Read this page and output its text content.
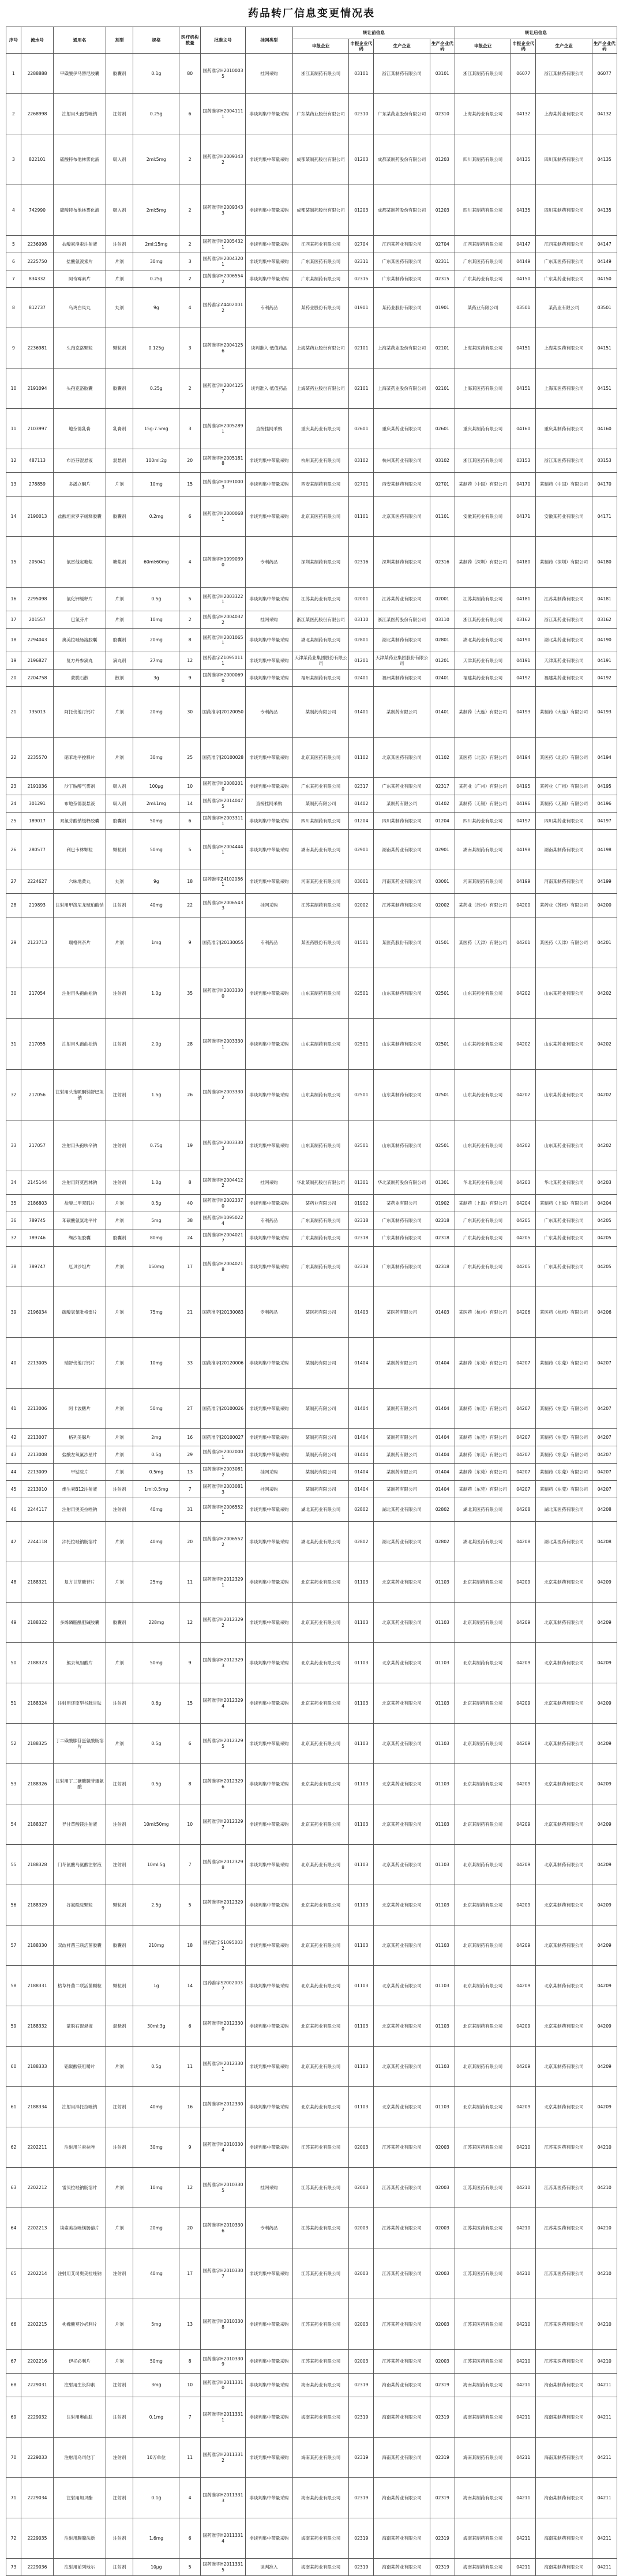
药品转厂信息变更情况表
序号	流水号	通用名	剂型	规格	医疗机构数量	批准文号	挂网类型	转让前信息				转让后信息			
								申报企业	申报企业代码	生产企业	生产企业代码	申报企业	申报企业代码	生产企业	生产企业代码
1	2288888	甲磺酸伊马替尼胶囊	胶囊剂	0.1g	80	国药准字H20100035	挂网采购	浙江某制药有限公司	03101	浙江某制药有限公司	03101	浙江某制药有限公司	06077	浙江某制药有限公司	06077
2	2268998	注射用头孢替唑钠	注射剂	0.25g	6	国药准字H20041111	非谈判集中带量采购	广东某药业股份有限公司	02310	广东某药业股份有限公司	02310	上海某药业有限公司	04132	上海某药业有限公司	04132
3	822101	硫酸特布他林雾化液	吸入剂	2ml:5mg	2	国药准字H20093432	非谈判集中带量采购	成都某制药股份有限公司	01203	成都某制药股份有限公司	01203	四川某制药有限公司	04135	四川某制药有限公司	04135
4	742990	硫酸特布他林雾化液	吸入剂	2ml:5mg	2	国药准字H20093433	非谈判集中带量采购	成都某制药股份有限公司	01203	成都某制药股份有限公司	01203	四川某制药有限公司	04135	四川某制药有限公司	04135
5	2236098	盐酸氨溴索注射液	注射剂	2ml:15mg	2	国药准字H20054321	非谈判集中带量采购	江西某药业有限公司	02704	江西某药业有限公司	02704	江西某制药有限公司	04147	江西某制药有限公司	04147
6	2225750	盐酸氨溴索片	片剂	30mg	3	国药准字H20043201	非谈判集中带量采购	广东某医药有限公司	02311	广东某医药有限公司	02311	广东某医药有限公司	04149	广东某医药有限公司	04149
7	834332	阿奇霉素片	片剂	0.25g	2	国药准字H20065542	非谈判集中带量采购	广东某制药有限公司	02315	广东某制药有限公司	02315	广东某药业有限公司	04150	广东某药业有限公司	04150
8	812737	乌鸡白凤丸	丸剂	9g	4	国药准字Z44020012	专利药品	某药业股份有限公司	01901	某药业股份有限公司	01901	某药业有限公司	03501	某药业有限公司	03501
9	2236981	头孢克洛颗粒	颗粒剂	0.125g	3	国药准字H20041256	谈判准入·低值药品	上海某药业股份有限公司	02101	上海某药业股份有限公司	02101	上海某医药有限公司	04151	上海某医药有限公司	04151
10	2191094	头孢克洛胶囊	胶囊剂	0.25g	2	国药准字H20041257	谈判准入·低值药品	上海某药业股份有限公司	02101	上海某药业股份有限公司	02101	上海某医药有限公司	04151	上海某医药有限公司	04151
11	2103997	地奈德乳膏	乳膏剂	15g:7.5mg	3	国药准字H20052891	直接挂网采购	重庆某药业有限公司	02601	重庆某药业有限公司	02601	重庆某制药有限公司	04160	重庆某制药有限公司	04160
12	487113	布洛芬混悬液	混悬剂	100ml:2g	20	国药准字H20051818	非谈判集中带量采购	杭州某药业有限公司	03102	杭州某药业有限公司	03102	浙江某医药有限公司	03153	浙江某医药有限公司	03153
13	278859	多潘立酮片	片剂	10mg	15	国药准字H10910003	非谈判集中带量采购	西安某制药有限公司	02701	西安某制药有限公司	02701	某制药（中国）有限公司	04170	某制药（中国）有限公司	04170
14	2190013	盐酸坦索罗辛缓释胶囊	胶囊剂	0.2mg	6	国药准字H20000681	非谈判集中带量采购	北京某医药有限公司	01101	北京某医药有限公司	01101	安徽某药业有限公司	04171	安徽某药业有限公司	04171
15	205041	氯雷他定糖浆	糖浆剂	60ml:60mg	4	国药准字H19990390	专利药品	深圳某制药有限公司	02316	深圳某制药有限公司	02316	某制药（深圳）有限公司	04180	某制药（深圳）有限公司	04180
16	2295098	氯化钾缓释片	片剂	0.5g	5	国药准字H20033221	非谈判集中带量采购	江苏某药业有限公司	02001	江苏某药业有限公司	02001	江苏某制药有限公司	04181	江苏某制药有限公司	04181
17	201557	巴氯芬片	片剂	10mg	2	国药准字H20040322	挂网采购	浙江某医药股份有限公司	03110	浙江某医药股份有限公司	03110	浙江某药业有限公司	03162	浙江某药业有限公司	03162
18	2294043	奥美拉唑肠溶胶囊	胶囊剂	20mg	8	国药准字H20010651	非谈判集中带量采购	湖北某制药有限公司	02801	湖北某制药有限公司	02801	湖北某药业有限公司	04190	湖北某药业有限公司	04190
19	2196827	复方丹参滴丸	滴丸剂	27mg	12	国药准字Z10950111	非谈判集中带量采购	天津某药业集团股份有限公司	01201	天津某药业集团股份有限公司	01201	天津某药业有限公司	04191	天津某药业有限公司	04191
20	2204758	蒙脱石散	散剂	3g	9	国药准字H20000690	非谈判集中带量采购	福州某制药有限公司	02401	福州某制药有限公司	02401	福建某药业有限公司	04192	福建某药业有限公司	04192
21	735013	阿托伐他汀钙片	片剂	20mg	30	国药准字J20120050	专利药品	某制药有限公司	01401	某制药有限公司	01401	某制药（大连）有限公司	04193	某制药（大连）有限公司	04193
22	2235570	硝苯地平控释片	片剂	30mg	25	国药准字J20100028	非谈判集中带量采购	北京某医药有限公司	01102	北京某医药有限公司	01102	某医药（北京）有限公司	04194	某医药（北京）有限公司	04194
23	2191036	沙丁胺醇气雾剂	吸入剂	100μg	10	国药准字H20082010	非谈判集中带量采购	广东某药业有限公司	02317	广东某药业有限公司	02317	某药业（广州）有限公司	04195	某药业（广州）有限公司	04195
24	301291	布地奈德混悬液	吸入剂	2ml:1mg	14	国药准字H20140475	直接挂网采购	某制药有限公司	01402	某制药有限公司	01402	某制药（无锡）有限公司	04196	某制药（无锡）有限公司	04196
25	189017	双氯芬酸钠缓释胶囊	胶囊剂	50mg	6	国药准字H20033111	非谈判集中带量采购	四川某制药有限公司	01204	四川某制药有限公司	01204	四川某药业有限公司	04197	四川某药业有限公司	04197
26	280577	利巴韦林颗粒	颗粒剂	50mg	5	国药准字H20044441	非谈判集中带量采购	湖南某药业有限公司	02901	湖南某药业有限公司	02901	湖南某制药有限公司	04198	湖南某制药有限公司	04198
27	2224627	六味地黄丸	丸剂	9g	18	国药准字Z41020861	非谈判集中带量采购	河南某药业有限公司	03001	河南某药业有限公司	03001	河南某制药有限公司	04199	河南某制药有限公司	04199
28	219893	注射用甲泼尼龙琥珀酸钠	注射剂	40mg	22	国药准字H20065433	挂网采购	江苏某制药有限公司	02002	江苏某制药有限公司	02002	某药业（苏州）有限公司	04200	某药业（苏州）有限公司	04200
29	2123713	瑞格列奈片	片剂	1mg	9	国药准字J20130055	专利药品	某医药股份有限公司	01501	某医药股份有限公司	01501	某医药（天津）有限公司	04201	某医药（天津）有限公司	04201
30	217054	注射用头孢曲松钠	注射剂	1.0g	35	国药准字H20033300	非谈判集中带量采购	山东某制药有限公司	02501	山东某制药有限公司	02501	山东某药业有限公司	04202	山东某药业有限公司	04202
31	217055	注射用头孢曲松钠	注射剂	2.0g	28	国药准字H20033301	非谈判集中带量采购	山东某制药有限公司	02501	山东某制药有限公司	02501	山东某药业有限公司	04202	山东某药业有限公司	04202
32	217056	注射用头孢哌酮钠舒巴坦钠	注射剂	1.5g	26	国药准字H20033302	非谈判集中带量采购	山东某制药有限公司	02501	山东某制药有限公司	02501	山东某药业有限公司	04202	山东某药业有限公司	04202
33	217057	注射用头孢呋辛钠	注射剂	0.75g	19	国药准字H20033303	非谈判集中带量采购	山东某制药有限公司	02501	山东某制药有限公司	02501	山东某药业有限公司	04202	山东某药业有限公司	04202
34	2145144	注射用阿莫西林钠	注射剂	1.0g	8	国药准字H20044122	挂网采购	华北某制药股份有限公司	01301	华北某制药股份有限公司	01301	华北某药业有限公司	04203	华北某药业有限公司	04203
35	2186803	盐酸二甲双胍片	片剂	0.5g	40	国药准字H20023370	非谈判集中带量采购	某药业有限公司	01902	某药业有限公司	01902	某制药（上海）有限公司	04204	某制药（上海）有限公司	04204
36	789745	苯磺酸氨氯地平片	片剂	5mg	38	国药准字H10950224	专利药品	广东某制药有限公司	02318	广东某制药有限公司	02318	广东某药业有限公司	04205	广东某药业有限公司	04205
37	789746	缬沙坦胶囊	胶囊剂	80mg	24	国药准字H20040217	非谈判集中带量采购	广东某制药有限公司	02318	广东某制药有限公司	02318	广东某药业有限公司	04205	广东某药业有限公司	04205
38	789747	厄贝沙坦片	片剂	150mg	17	国药准字H20040218	非谈判集中带量采购	广东某制药有限公司	02318	广东某制药有限公司	02318	广东某药业有限公司	04205	广东某药业有限公司	04205
39	2196034	硫酸氢氯吡格雷片	片剂	75mg	21	国药准字J20130083	专利药品	某医药有限公司	01403	某医药有限公司	01403	某医药（杭州）有限公司	04206	某医药（杭州）有限公司	04206
40	2213005	瑞舒伐他汀钙片	片剂	10mg	33	国药准字J20120006	非谈判集中带量采购	某制药有限公司	01404	某制药有限公司	01404	某制药（东莞）有限公司	04207	某制药（东莞）有限公司	04207
41	2213006	阿卡波糖片	片剂	50mg	27	国药准字J20100026	非谈判集中带量采购	某制药有限公司	01404	某制药有限公司	01404	某制药（东莞）有限公司	04207	某制药（东莞）有限公司	04207
42	2213007	格列美脲片	片剂	2mg	16	国药准字J20100027	非谈判集中带量采购	某制药有限公司	01404	某制药有限公司	01404	某制药（东莞）有限公司	04207	某制药（东莞）有限公司	04207
43	2213008	盐酸左氧氟沙星片	片剂	0.5g	29	国药准字H20020001	非谈判集中带量采购	某制药有限公司	01404	某制药有限公司	01404	某制药（东莞）有限公司	04207	某制药（东莞）有限公司	04207
44	2213009	甲钴胺片	片剂	0.5mg	13	国药准字H20030812	挂网采购	某制药有限公司	01404	某制药有限公司	01404	某制药（东莞）有限公司	04207	某制药（东莞）有限公司	04207
45	2213010	维生素B12注射液	注射剂	1ml:0.5mg	7	国药准字H20030813	挂网采购	某制药有限公司	01404	某制药有限公司	01404	某制药（东莞）有限公司	04207	某制药（东莞）有限公司	04207
46	2244117	注射用奥美拉唑钠	注射剂	40mg	31	国药准字H20065521	非谈判集中带量采购	湖北某药业有限公司	02802	湖北某药业有限公司	02802	湖北某医药有限公司	04208	湖北某医药有限公司	04208
47	2244118	泮托拉唑钠肠溶片	片剂	40mg	20	国药准字H20065522	非谈判集中带量采购	湖北某药业有限公司	02802	湖北某药业有限公司	02802	湖北某医药有限公司	04208	湖北某医药有限公司	04208
48	2188321	复方甘草酸苷片	片剂	25mg	11	国药准字H20123291	非谈判集中带量采购	北京某药业有限公司	01103	北京某药业有限公司	01103	北京某制药有限公司	04209	北京某制药有限公司	04209
49	2188322	多烯磷脂酰胆碱胶囊	胶囊剂	228mg	12	国药准字H20123292	非谈判集中带量采购	北京某药业有限公司	01103	北京某药业有限公司	01103	北京某制药有限公司	04209	北京某制药有限公司	04209
50	2188323	熊去氧胆酸片	片剂	50mg	9	国药准字H20123293	非谈判集中带量采购	北京某药业有限公司	01103	北京某药业有限公司	01103	北京某制药有限公司	04209	北京某制药有限公司	04209
51	2188324	注射用还原型谷胱甘肽	注射剂	0.6g	15	国药准字H20123294	非谈判集中带量采购	北京某药业有限公司	01103	北京某药业有限公司	01103	北京某制药有限公司	04209	北京某制药有限公司	04209
52	2188325	丁二磺酸腺苷蛋氨酸肠溶片	片剂	0.5g	6	国药准字H20123295	非谈判集中带量采购	北京某药业有限公司	01103	北京某药业有限公司	01103	北京某制药有限公司	04209	北京某制药有限公司	04209
53	2188326	注射用丁二磺酸腺苷蛋氨酸	注射剂	0.5g	8	国药准字H20123296	非谈判集中带量采购	北京某药业有限公司	01103	北京某药业有限公司	01103	北京某制药有限公司	04209	北京某制药有限公司	04209
54	2188327	异甘草酸镁注射液	注射剂	10ml:50mg	10	国药准字H20123297	非谈判集中带量采购	北京某药业有限公司	01103	北京某药业有限公司	01103	北京某制药有限公司	04209	北京某制药有限公司	04209
55	2188328	门冬氨酸鸟氨酸注射液	注射剂	10ml:5g	7	国药准字H20123298	非谈判集中带量采购	北京某药业有限公司	01103	北京某药业有限公司	01103	北京某制药有限公司	04209	北京某制药有限公司	04209
56	2188329	谷氨酰胺颗粒	颗粒剂	2.5g	5	国药准字H20123299	非谈判集中带量采购	北京某药业有限公司	01103	北京某药业有限公司	01103	北京某制药有限公司	04209	北京某制药有限公司	04209
57	2188330	双歧杆菌三联活菌胶囊	胶囊剂	210mg	18	国药准字S10950032	非谈判集中带量采购	北京某药业有限公司	01103	北京某药业有限公司	01103	北京某制药有限公司	04209	北京某制药有限公司	04209
58	2188331	枯草杆菌二联活菌颗粒	颗粒剂	1g	14	国药准字S20020037	非谈判集中带量采购	北京某药业有限公司	01103	北京某药业有限公司	01103	北京某制药有限公司	04209	北京某制药有限公司	04209
59	2188332	蒙脱石混悬液	混悬剂	30ml:3g	6	国药准字H20123300	非谈判集中带量采购	北京某药业有限公司	01103	北京某药业有限公司	01103	北京某制药有限公司	04209	北京某制药有限公司	04209
60	2188333	铝碳酸镁咀嚼片	片剂	0.5g	11	国药准字H20123301	非谈判集中带量采购	北京某药业有限公司	01103	北京某药业有限公司	01103	北京某制药有限公司	04209	北京某制药有限公司	04209
61	2188334	注射用泮托拉唑钠	注射剂	40mg	16	国药准字H20123302	非谈判集中带量采购	北京某药业有限公司	01103	北京某药业有限公司	01103	北京某制药有限公司	04209	北京某制药有限公司	04209
62	2202211	注射用兰索拉唑	注射剂	30mg	9	国药准字H20103304	非谈判集中带量采购	江苏某药业有限公司	02003	江苏某药业有限公司	02003	江苏某医药有限公司	04210	江苏某医药有限公司	04210
63	2202212	雷贝拉唑钠肠溶片	片剂	10mg	12	国药准字H20103305	挂网采购	江苏某药业有限公司	02003	江苏某药业有限公司	02003	江苏某医药有限公司	04210	江苏某医药有限公司	04210
64	2202213	埃索美拉唑镁肠溶片	片剂	20mg	20	国药准字H20103306	专利药品	江苏某药业有限公司	02003	江苏某药业有限公司	02003	江苏某医药有限公司	04210	江苏某医药有限公司	04210
65	2202214	注射用艾司奥美拉唑钠	注射剂	40mg	17	国药准字H20103307	非谈判集中带量采购	江苏某药业有限公司	02003	江苏某药业有限公司	02003	江苏某医药有限公司	04210	江苏某医药有限公司	04210
66	2202215	枸橼酸莫沙必利片	片剂	5mg	13	国药准字H20103308	非谈判集中带量采购	江苏某药业有限公司	02003	江苏某药业有限公司	02003	江苏某医药有限公司	04210	江苏某医药有限公司	04210
67	2202216	伊托必利片	片剂	50mg	8	国药准字H20103309	非谈判集中带量采购	江苏某药业有限公司	02003	江苏某药业有限公司	02003	江苏某医药有限公司	04210	江苏某医药有限公司	04210
68	2229031	注射用生长抑素	注射剂	3mg	10	国药准字H20113310	非谈判集中带量采购	海南某药业有限公司	02319	海南某药业有限公司	02319	海南某制药有限公司	04211	海南某制药有限公司	04211
69	2229032	注射用奥曲肽	注射剂	0.1mg	7	国药准字H20113311	非谈判集中带量采购	海南某药业有限公司	02319	海南某药业有限公司	02319	海南某制药有限公司	04211	海南某制药有限公司	04211
70	2229033	注射用乌司他丁	注射剂	10万单位	11	国药准字H20113312	非谈判集中带量采购	海南某药业有限公司	02319	海南某药业有限公司	02319	海南某制药有限公司	04211	海南某制药有限公司	04211
71	2229034	注射用加贝酯	注射剂	0.1g	4	国药准字H20113313	非谈判集中带量采购	海南某药业有限公司	02319	海南某药业有限公司	02319	海南某制药有限公司	04211	海南某制药有限公司	04211
72	2229035	注射用胸腺法新	注射剂	1.6mg	6	国药准字H20113314	非谈判集中带量采购	海南某药业有限公司	02319	海南某药业有限公司	02319	海南某制药有限公司	04211	海南某制药有限公司	04211
73	2229036	注射用前列地尔	注射剂	10μg	5	国药准字H20113315	谈判准入	海南某药业有限公司	02319	海南某药业有限公司	02319	海南某制药有限公司	04211	海南某制药有限公司	04211
